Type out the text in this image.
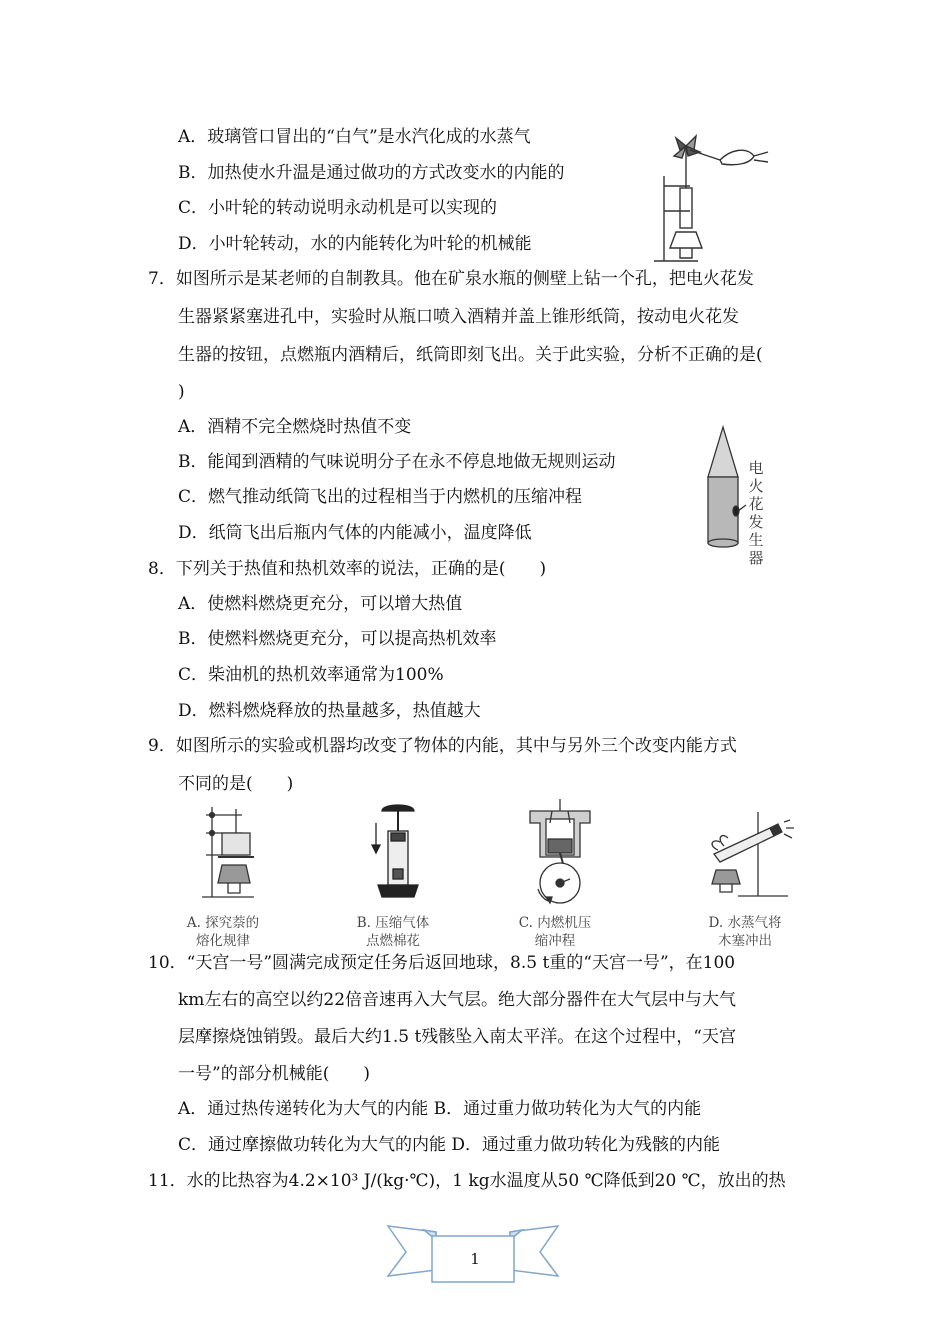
A．玻璃管口冒出的“白气”是水汽化成的水蒸气
B．加热使水升温是通过做功的方式改变水的内能的
C．小叶轮的转动说明永动机是可以实现的
D．小叶轮转动，水的内能转化为叶轮的机械能
7．如图所示是某老师的自制教具。他在矿泉水瓶的侧壁上钻一个孔，把电火花发
生器紧紧塞进孔中，实验时从瓶口喷入酒精并盖上锥形纸筒，按动电火花发
生器的按钮，点燃瓶内酒精后，纸筒即刻飞出。关于此实验，分析不正确的是(
)
A．酒精不完全燃烧时热值不变
B．能闻到酒精的气味说明分子在永不停息地做无规则运动
C．燃气推动纸筒飞出的过程相当于内燃机的压缩冲程
D．纸筒飞出后瓶内气体的内能减小，温度降低
电
火
花
发
生
器
8．下列关于热值和热机效率的说法，正确的是(　　)
A．使燃料燃烧更充分，可以增大热值
B．使燃料燃烧更充分，可以提高热机效率
C．柴油机的热机效率通常为100%
D．燃料燃烧释放的热量越多，热值越大
9．如图所示的实验或机器均改变了物体的内能，其中与另外三个改变内能方式
不同的是(　　)
A. 探究萘的
熔化规律
B. 压缩气体
点燃棉花
C. 内燃机压
缩冲程
D. 水蒸气将
木塞冲出
10．“天宫一号”圆满完成预定任务后返回地球，8.5 t重的“天宫一号”，在100
km左右的高空以约22倍音速再入大气层。绝大部分器件在大气层中与大气
层摩擦烧蚀销毁。最后大约1.5 t残骸坠入南太平洋。在这个过程中，“天宫
一号”的部分机械能(　　)
A．通过热传递转化为大气的内能 B．通过重力做功转化为大气的内能
C．通过摩擦做功转化为大气的内能 D．通过重力做功转化为残骸的内能
11．水的比热容为4.2×10³ J/(kg·℃)，1 kg水温度从50 ℃降低到20 ℃，放出的热
1
